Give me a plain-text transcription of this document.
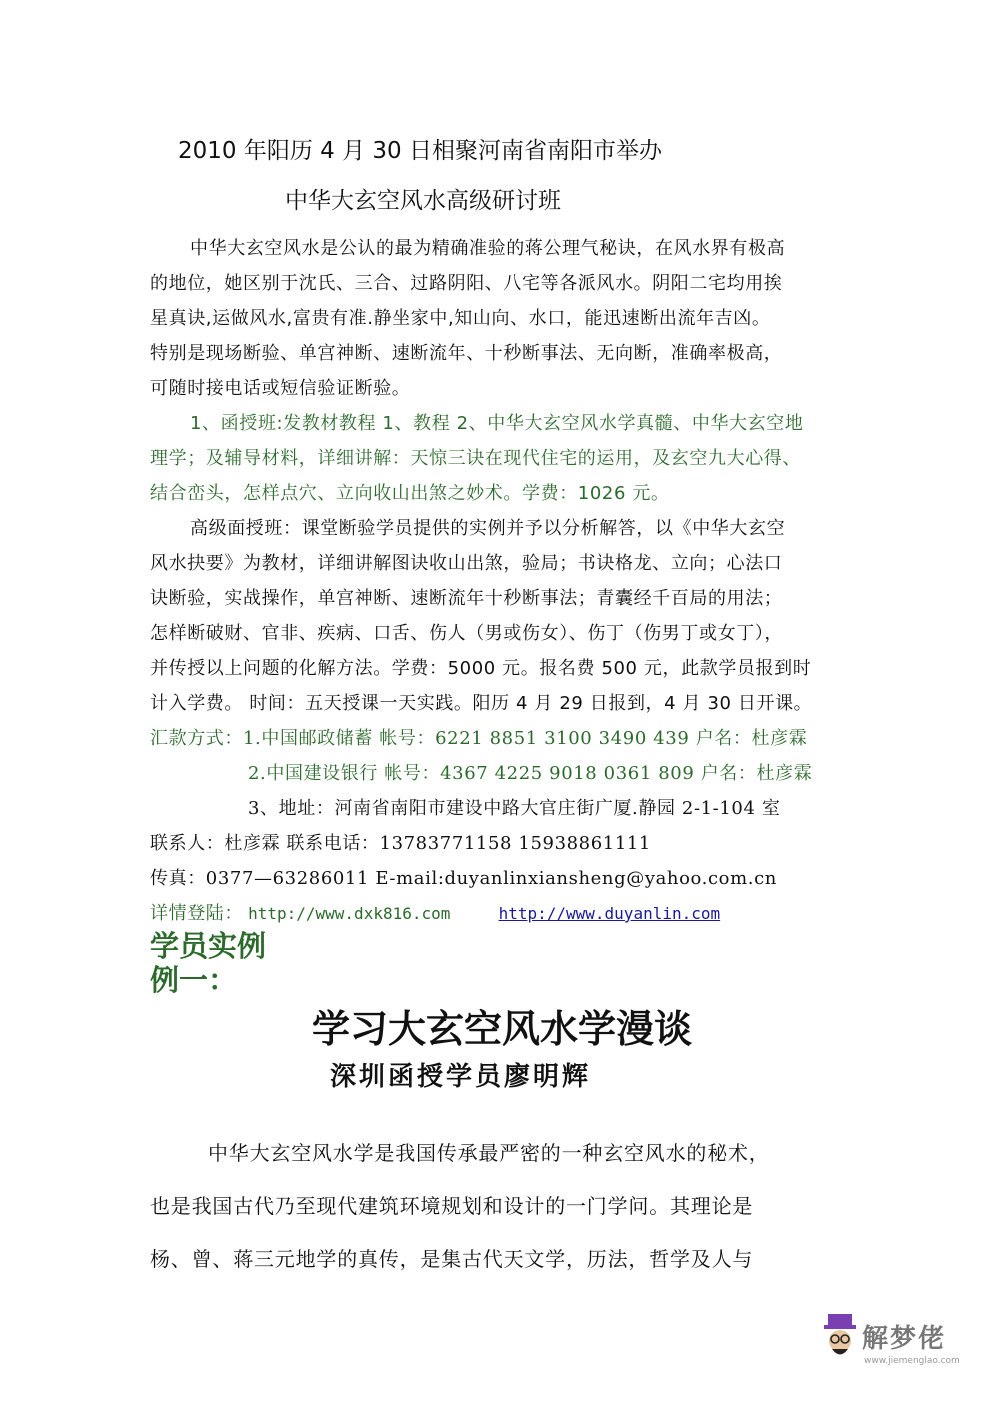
2010 年阳历 4 月 30 日相聚河南省南阳市举办
中华大玄空风水高级研讨班
中华大玄空风水是公认的最为精确准验的蒋公理气秘诀，在风水界有极高
的地位，她区别于沈氏、三合、过路阴阳、八宅等各派风水。阴阳二宅均用挨
星真诀,运做风水,富贵有准.静坐家中,知山向、水口，能迅速断出流年吉凶。
特别是现场断验、单宫神断、速断流年、十秒断事法、无向断，准确率极高，
可随时接电话或短信验证断验。
1、函授班:发教材教程 1、教程 2、中华大玄空风水学真髓、中华大玄空地
理学；及辅导材料，详细讲解：天惊三诀在现代住宅的运用，及玄空九大心得、
结合峦头，怎样点穴、立向收山出煞之妙术。学费：1026 元。
高级面授班：课堂断验学员提供的实例并予以分析解答，以《中华大玄空
风水抉要》为教材，详细讲解图诀收山出煞，验局；书诀格龙、立向；心法口
诀断验，实战操作，单宫神断、速断流年十秒断事法；青囊经千百局的用法；
怎样断破财、官非、疾病、口舌、伤人（男或伤女）、伤丁（伤男丁或女丁），
并传授以上问题的化解方法。学费：5000 元。报名费 500 元，此款学员报到时
计入学费。 时间：五天授课一天实践。阳历 4 月 29 日报到，4 月 30 日开课。
汇款方式：1.中国邮政储蓄 帐号：6221 8851 3100 3490 439 户名：杜彦霖
2.中国建设银行 帐号：4367 4225 9018 0361 809 户名：杜彦霖
3、地址：河南省南阳市建设中路大官庄街广厦.静园 2-1-104 室
联系人：杜彦霖 联系电话：13783771158 15938861111
传真：0377—63286011 E-mail:duyanlinxiansheng@yahoo.com.cn
详情登陆： http://www.dxk816.com	http://www.duyanlin.com
学员实例
例一：
学习大玄空风水学漫谈
深圳函授学员廖明辉
中华大玄空风水学是我国传承最严密的一种玄空风水的秘术，
也是我国古代乃至现代建筑环境规划和设计的一门学问。其理论是
杨、曾、蒋三元地学的真传，是集古代天文学，历法，哲学及人与
解梦佬
www.jiemenglao.com
